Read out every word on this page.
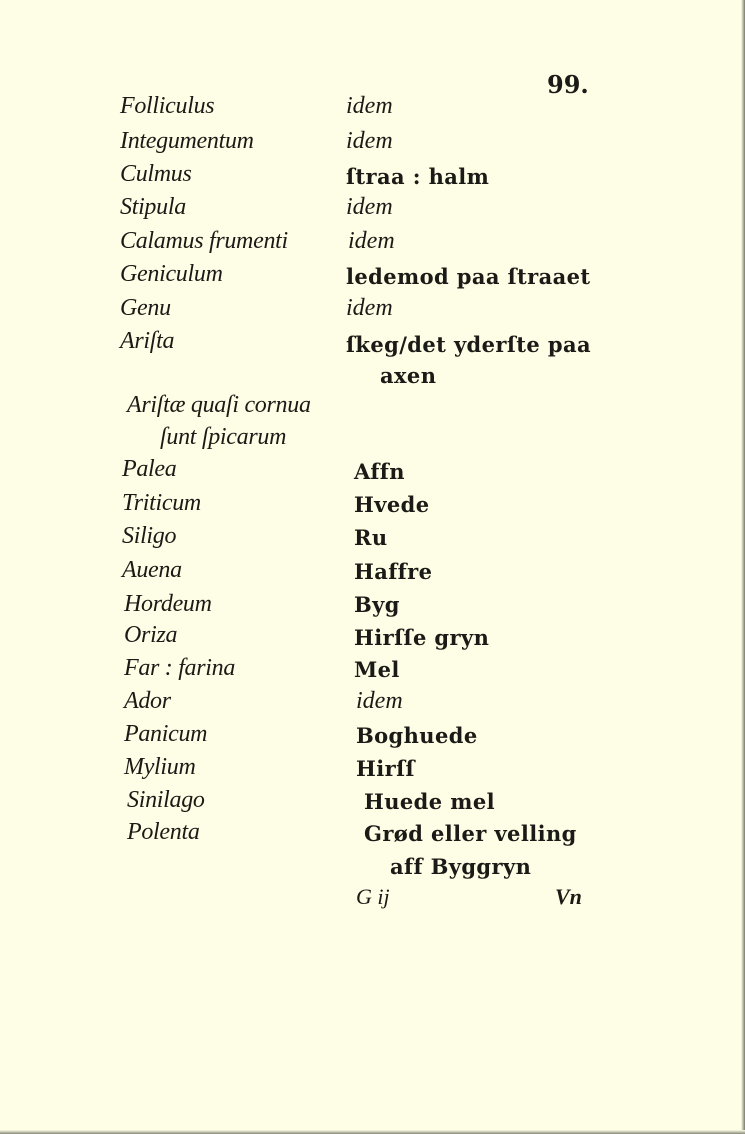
99.
Folliculus
Integumentum
Culmus
Stipula
Calamus frumenti
Geniculum
Genu
Ariſta
Ariſtæ quaſi cornua
ſunt ſpicarum
Palea
Triticum
Siligo
Auena
Hordeum
Oriza
Far : farina
Ador
Panicum
Mylium
Sinilago
Polenta
idem
idem
ſtraa : halm
idem
idem
ledemod paa ſtraaet
idem
ſkeg/det yderſte paa
axen
Affn
Hvede
Ru
Haffre
Byg
Hirſſe gryn
Mel
idem
Boghuede
Hirſſ
Huede mel
Grød eller velling
aff Byggryn
G ij	Vn
